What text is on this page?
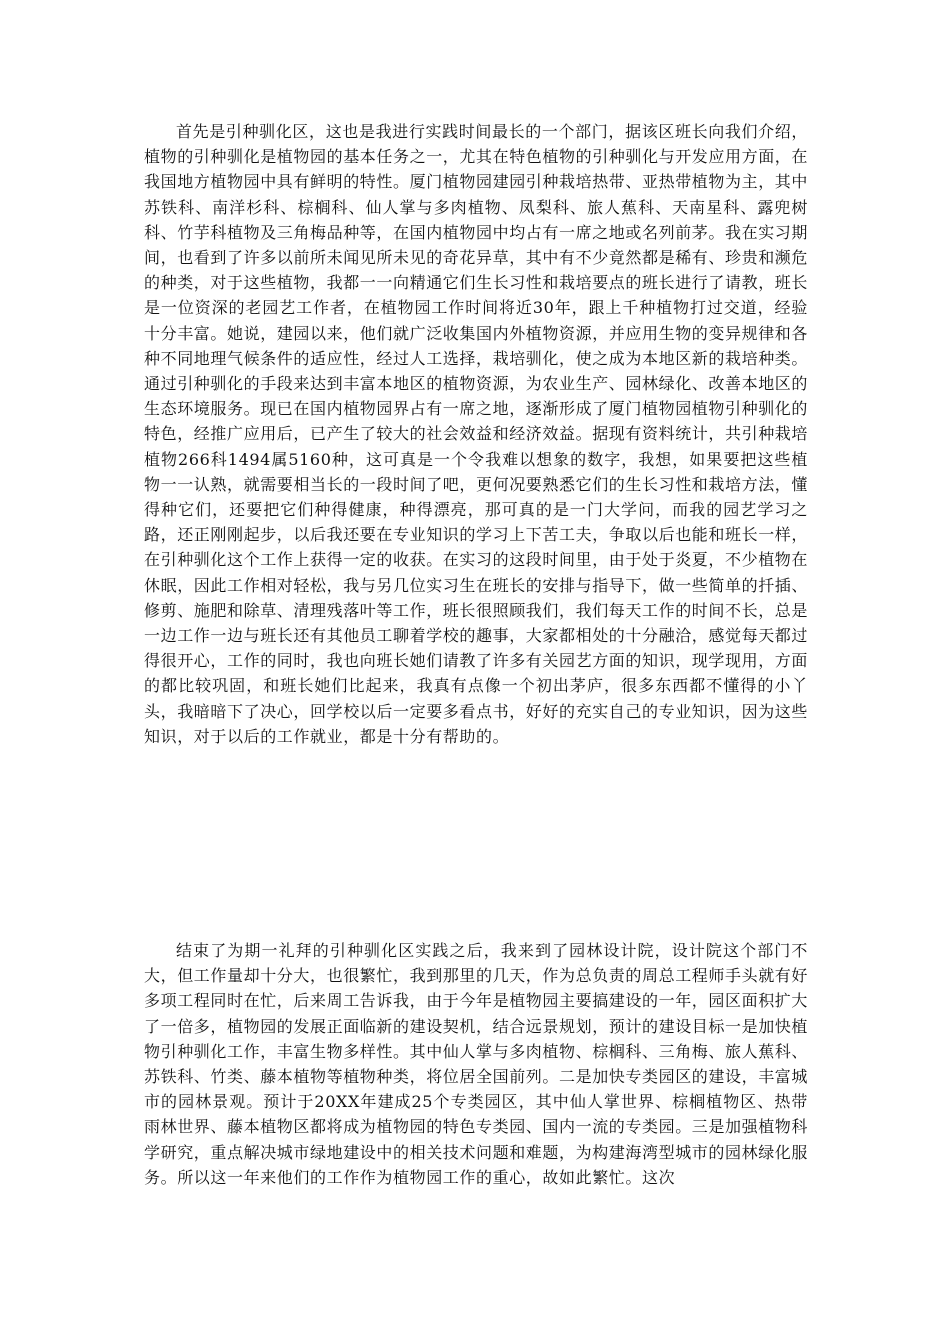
首先是引种驯化区，这也是我进行实践时间最长的一个部门，据该区班长向我们介绍，植物的引种驯化是植物园的基本任务之一，尤其在特色植物的引种驯化与开发应用方面，在我国地方植物园中具有鲜明的特性。厦门植物园建园引种栽培热带、亚热带植物为主，其中苏铁科、南洋杉科、棕榈科、仙人掌与多肉植物、凤梨科、旅人蕉科、天南星科、露兜树科、竹芋科植物及三角梅品种等，在国内植物园中均占有一席之地或名列前茅。我在实习期间，也看到了许多以前所未闻见所未见的奇花异草，其中有不少竟然都是稀有、珍贵和濒危的种类，对于这些植物，我都一一向精通它们生长习性和栽培要点的班长进行了请教，班长是一位资深的老园艺工作者，在植物园工作时间将近30年，跟上千种植物打过交道，经验十分丰富。她说，建园以来，他们就广泛收集国内外植物资源，并应用生物的变异规律和各种不同地理气候条件的适应性，经过人工选择，栽培驯化，使之成为本地区新的栽培种类。通过引种驯化的手段来达到丰富本地区的植物资源，为农业生产、园林绿化、改善本地区的生态环境服务。现已在国内植物园界占有一席之地，逐渐形成了厦门植物园植物引种驯化的特色，经推广应用后，已产生了较大的社会效益和经济效益。据现有资料统计，共引种栽培植物266科1494属5160种，这可真是一个令我难以想象的数字，我想，如果要把这些植物一一认熟，就需要相当长的一段时间了吧，更何况要熟悉它们的生长习性和栽培方法，懂得种它们，还要把它们种得健康，种得漂亮，那可真的是一门大学问，而我的园艺学习之路，还正刚刚起步，以后我还要在专业知识的学习上下苦工夫，争取以后也能和班长一样，在引种驯化这个工作上获得一定的收获。在实习的这段时间里，由于处于炎夏，不少植物在休眠，因此工作相对轻松，我与另几位实习生在班长的安排与指导下，做一些简单的扦插、修剪、施肥和除草、清理残落叶等工作，班长很照顾我们，我们每天工作的时间不长，总是一边工作一边与班长还有其他员工聊着学校的趣事，大家都相处的十分融洽，感觉每天都过得很开心，工作的同时，我也向班长她们请教了许多有关园艺方面的知识，现学现用，方面的都比较巩固，和班长她们比起来，我真有点像一个初出茅庐，很多东西都不懂得的小丫头，我暗暗下了决心，回学校以后一定要多看点书，好好的充实自己的专业知识，因为这些知识，对于以后的工作就业，都是十分有帮助的。

结束了为期一礼拜的引种驯化区实践之后，我来到了园林设计院，设计院这个部门不大，但工作量却十分大，也很繁忙，我到那里的几天，作为总负责的周总工程师手头就有好多项工程同时在忙，后来周工告诉我，由于今年是植物园主要搞建设的一年，园区面积扩大了一倍多，植物园的发展正面临新的建设契机，结合远景规划，预计的建设目标一是加快植物引种驯化工作，丰富生物多样性。其中仙人掌与多肉植物、棕榈科、三角梅、旅人蕉科、苏铁科、竹类、藤本植物等植物种类，将位居全国前列。二是加快专类园区的建设，丰富城市的园林景观。预计于20XX年建成25个专类园区，其中仙人掌世界、棕榈植物区、热带雨林世界、藤本植物区都将成为植物园的特色专类园、国内一流的专类园。三是加强植物科学研究，重点解决城市绿地建设中的相关技术问题和难题，为构建海湾型城市的园林绿化服务。所以这一年来他们的工作作为植物园工作的重心，故如此繁忙。这次
